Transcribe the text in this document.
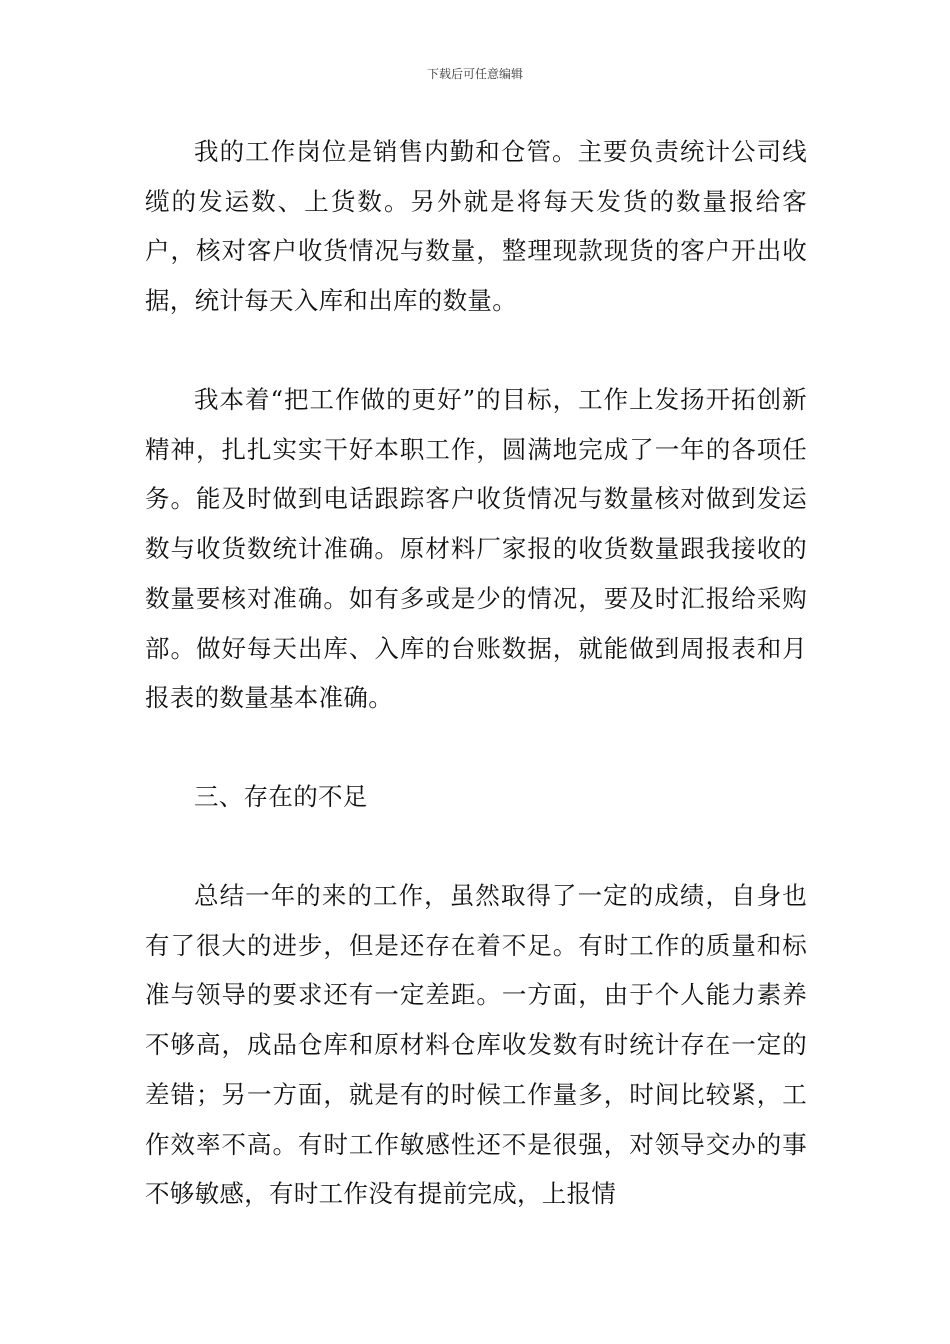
下载后可任意编辑

我的工作岗位是销售内勤和仓管。主要负责统计公司线缆的发运数、上货数。另外就是将每天发货的数量报给客户，核对客户收货情况与数量，整理现款现货的客户开出收据，统计每天入库和出库的数量。

我本着“把工作做的更好”的目标，工作上发扬开拓创新精神，扎扎实实干好本职工作，圆满地完成了一年的各项任务。能及时做到电话跟踪客户收货情况与数量核对做到发运数与收货数统计准确。原材料厂家报的收货数量跟我接收的数量要核对准确。如有多或是少的情况，要及时汇报给采购部。做好每天出库、入库的台账数据，就能做到周报表和月报表的数量基本准确。

三、存在的不足

总结一年的来的工作，虽然取得了一定的成绩，自身也有了很大的进步，但是还存在着不足。有时工作的质量和标准与领导的要求还有一定差距。一方面，由于个人能力素养不够高，成品仓库和原材料仓库收发数有时统计存在一定的差错；另一方面，就是有的时候工作量多，时间比较紧，工作效率不高。有时工作敏感性还不是很强，对领导交办的事不够敏感，有时工作没有提前完成，上报情
